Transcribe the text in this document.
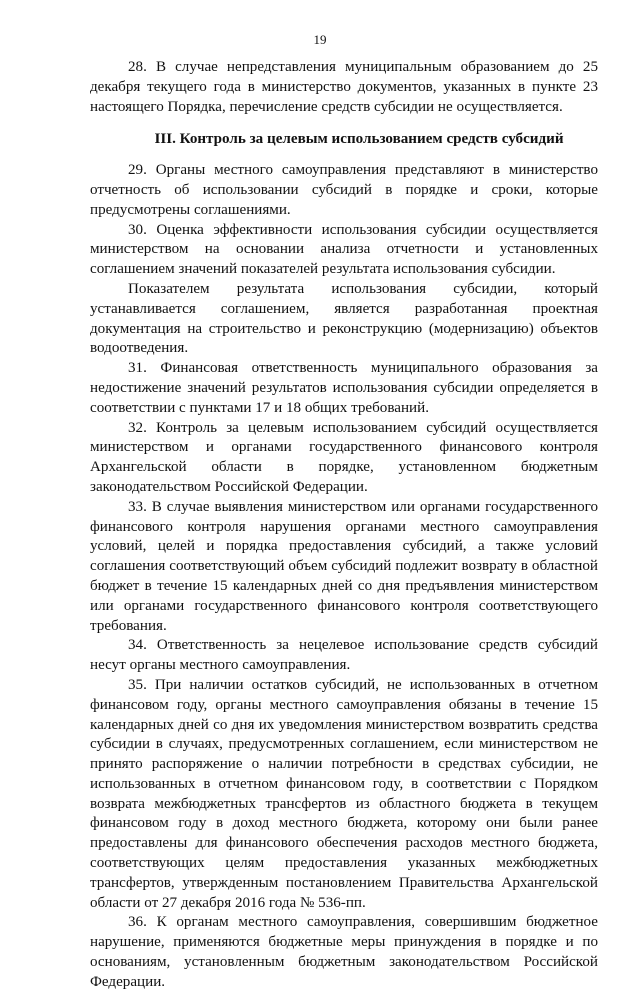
19

28. В случае непредставления муниципальным образованием до 25 декабря текущего года в министерство документов, указанных в пункте 23 настоящего Порядка, перечисление средств субсидии не осуществляется.

III. Контроль за целевым использованием средств субсидий

29. Органы местного самоуправления представляют в министерство отчетность об использовании субсидий в порядке и сроки, которые предусмотрены соглашениями.

30. Оценка эффективности использования субсидии осуществляется министерством на основании анализа отчетности и установленных соглашением значений показателей результата использования субсидии.

Показателем результата использования субсидии, который устанавливается соглашением, является разработанная проектная документация на строительство и реконструкцию (модернизацию) объектов водоотведения.

31. Финансовая ответственность муниципального образования за недостижение значений результатов использования субсидии определяется в соответствии с пунктами 17 и 18 общих требований.

32. Контроль за целевым использованием субсидий осуществляется министерством и органами государственного финансового контроля Архангельской области в порядке, установленном бюджетным законодательством Российской Федерации.

33. В случае выявления министерством или органами государственного финансового контроля нарушения органами местного самоуправления условий, целей и порядка предоставления субсидий, а также условий соглашения соответствующий объем субсидий подлежит возврату в областной бюджет в течение 15 календарных дней со дня предъявления министерством или органами государственного финансового контроля соответствующего требования.

34. Ответственность за нецелевое использование средств субсидий несут органы местного самоуправления.

35. При наличии остатков субсидий, не использованных в отчетном финансовом году, органы местного самоуправления обязаны в течение 15 календарных дней со дня их уведомления министерством возвратить средства субсидии в случаях, предусмотренных соглашением, если министерством не принято распоряжение о наличии потребности в средствах субсидии, не использованных в отчетном финансовом году, в соответствии с Порядком возврата межбюджетных трансфертов из областного бюджета в текущем финансовом году в доход местного бюджета, которому они были ранее предоставлены для финансового обеспечения расходов местного бюджета, соответствующих целям предоставления указанных межбюджетных трансфертов, утвержденным постановлением Правительства Архангельской области от 27 декабря 2016 года № 536-пп.

36. К органам местного самоуправления, совершившим бюджетное нарушение, применяются бюджетные меры принуждения в порядке и по основаниям, установленным бюджетным законодательством Российской Федерации.
